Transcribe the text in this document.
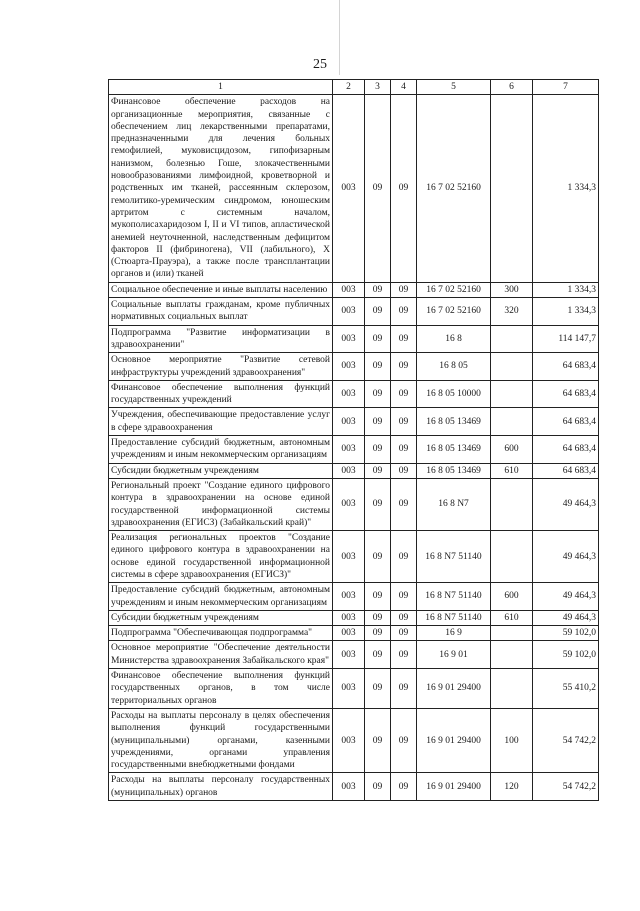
25
1	2	3	4	5	6	7
Финансовое обеспечение расходов на организационные мероприятия, связанные с обеспечением лиц лекарственными препаратами, предназначенными для лечения больных гемофилией, муковисцидозом, гипофизарным нанизмом, болезнью Гоше, злокачественными новообразованиями лимфоидной, кроветворной и родственных им тканей, рассеянным склерозом, гемолитико-уремическим синдромом, юношеским артритом с системным началом, мукополисахаридозом I, II и VI типов, апластической анемией неуточненной, наследственным дефицитом факторов II (фибриногена), VII (лабильного), X (Стюарта-Прауэра), а также после трансплантации органов и (или) тканей	003	09	09	16 7 02 52160		1 334,3
Социальное обеспечение и иные выплаты населению	003	09	09	16 7 02 52160	300	1 334,3
Социальные выплаты гражданам, кроме публичных нормативных социальных выплат	003	09	09	16 7 02 52160	320	1 334,3
Подпрограмма "Развитие информатизации в здравоохранении"	003	09	09	16 8		114 147,7
Основное мероприятие "Развитие сетевой инфраструктуры учреждений здравоохранения"	003	09	09	16 8 05		64 683,4
Финансовое обеспечение выполнения функций государственных учреждений	003	09	09	16 8 05 10000		64 683,4
Учреждения, обеспечивающие предоставление услуг в сфере здравоохранения	003	09	09	16 8 05 13469		64 683,4
Предоставление субсидий бюджетным, автономным учреждениям и иным некоммерческим организациям	003	09	09	16 8 05 13469	600	64 683,4
Субсидии бюджетным учреждениям	003	09	09	16 8 05 13469	610	64 683,4
Региональный проект "Создание единого цифрового контура в здравоохранении на основе единой государственной информационной системы здравоохранения (ЕГИСЗ) (Забайкальский край)"	003	09	09	16 8 N7		49 464,3
Реализация региональных проектов "Создание единого цифрового контура в здравоохранении на основе единой государственной информационной системы в сфере здравоохранения (ЕГИСЗ)"	003	09	09	16 8 N7 51140		49 464,3
Предоставление субсидий бюджетным, автономным учреждениям и иным некоммерческим организациям	003	09	09	16 8 N7 51140	600	49 464,3
Субсидии бюджетным учреждениям	003	09	09	16 8 N7 51140	610	49 464,3
Подпрограмма "Обеспечивающая подпрограмма"	003	09	09	16 9		59 102,0
Основное мероприятие "Обеспечение деятельности Министерства здравоохранения Забайкальского края"	003	09	09	16 9 01		59 102,0
Финансовое обеспечение выполнения функций государственных органов, в том числе территориальных органов	003	09	09	16 9 01 29400		55 410,2
Расходы на выплаты персоналу в целях обеспечения выполнения функций государственными (муниципальными) органами, казенными учреждениями, органами управления государственными внебюджетными фондами	003	09	09	16 9 01 29400	100	54 742,2
Расходы на выплаты персоналу государственных (муниципальных) органов	003	09	09	16 9 01 29400	120	54 742,2
